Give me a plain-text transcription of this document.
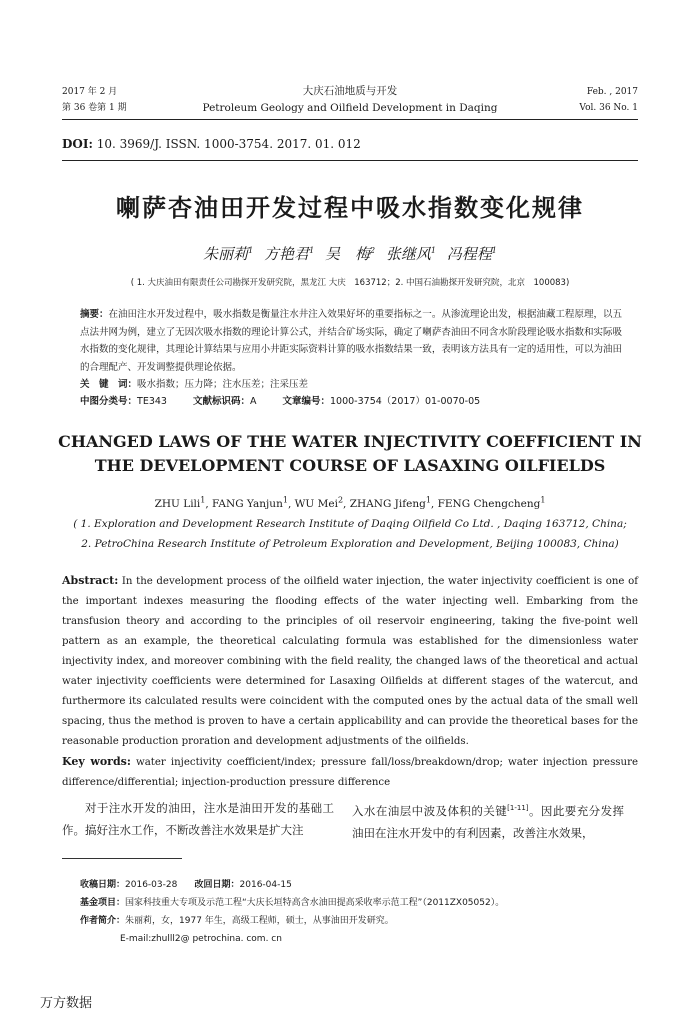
2017 年 2 月
第 36 卷第 1 期
大庆石油地质与开发
Petroleum Geology and Oilfield Development in Daqing
Feb. , 2017
Vol. 36 No. 1
DOI: 10. 3969/J. ISSN. 1000-3754. 2017. 01. 012
喇萨杏油田开发过程中吸水指数变化规律
朱丽莉$^1$ 方艳君$^1$ 吴　梅$^2$ 张继风$^1$ 冯程程$^1$
( 1. 大庆油田有限责任公司勘探开发研究院，黑龙江 大庆　163712；2. 中国石油勘探开发研究院，北京　100083)
摘要：在油田注水开发过程中，吸水指数是衡量注水井注入效果好坏的重要指标之一。从渗流理论出发，根据油藏工程原理，以五点法井网为例，建立了无因次吸水指数的理论计算公式，并结合矿场实际，确定了喇萨杏油田不同含水阶段理论吸水指数和实际吸水指数的变化规律，其理论计算结果与应用小井距实际资料计算的吸水指数结果一致，表明该方法具有一定的适用性，可以为油田的合理配产、开发调整提供理论依据。
关　键　词：吸水指数；压力降；注水压差；注采压差
中图分类号：TE343	文献标识码：A	文章编号：1000-3754（2017）01-0070-05
CHANGED LAWS OF THE WATER INJECTIVITY COEFFICIENT IN
THE DEVELOPMENT COURSE OF LASAXING OILFIELDS
ZHU Lili$^1$, FANG Yanjun$^1$, WU Mei$^2$, ZHANG Jifeng$^1$, FENG Chengcheng$^1$
( 1. Exploration and Development Research Institute of Daqing Oilfield Co Ltd. , Daqing 163712, China;
2. PetroChina Research Institute of Petroleum Exploration and Development, Beijing 100083, China)
Abstract: In the development process of the oilfield water injection, the water injectivity coefficient is one of the important indexes measuring the flooding effects of the water injecting well. Embarking from the transfusion theory and according to the principles of oil reservoir engineering, taking the five-point well pattern as an example, the theoretical calculating formula was established for the dimensionless water injectivity index, and moreover combining with the field reality, the changed laws of the theoretical and actual water injectivity coefficients were determined for Lasaxing Oilfields at different stages of the watercut, and furthermore its calculated results were coincident with the computed ones by the actual data of the small well spacing, thus the method is proven to have a certain applicability and can provide the theoretical bases for the reasonable production proration and development adjustments of the oilfields.
Key words: water injectivity coefficient/index; pressure fall/loss/breakdown/drop; water injection pressure difference/differential; injection-production pressure difference
对于注水开发的油田，注水是油田开发的基础工作。搞好注水工作，不断改善注水效果是扩大注
入水在油层中波及体积的关键[1-11]。因此要充分发挥油田在注水开发中的有利因素，改善注水效果，
收稿日期：2016-03-28 改回日期：2016-04-15
基金项目：国家科技重大专项及示范工程“大庆长垣特高含水油田提高采收率示范工程”（2011ZX05052）。
作者简介：朱丽莉，女，1977 年生，高级工程师，硕士，从事油田开发研究。
E-mail:zhulll2@ petrochina. com. cn
万方数据
